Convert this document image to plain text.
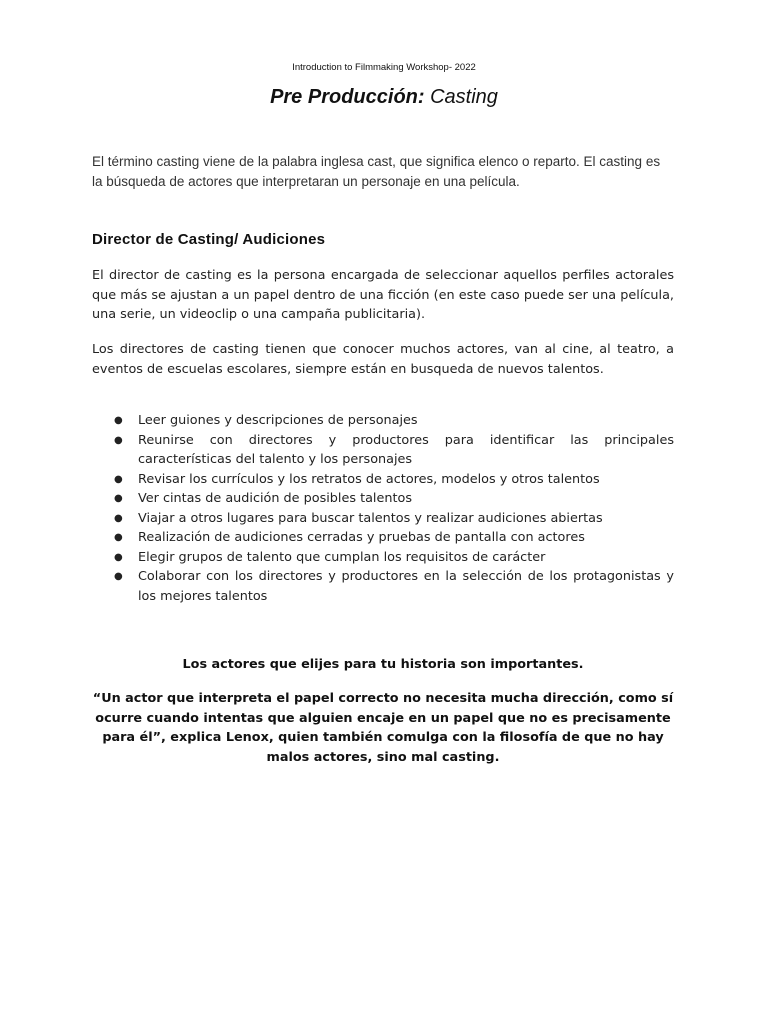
Introduction to Filmmaking Workshop- 2022
Pre Producción: Casting
El término casting viene de la palabra inglesa cast, que significa elenco o reparto. El casting es la búsqueda de actores que interpretaran un personaje en una película.
Director de Casting/ Audiciones
El director de casting es la persona encargada de seleccionar aquellos perfiles actorales que más se ajustan a un papel dentro de una ficción (en este caso puede ser una película, una serie, un videoclip o una campaña publicitaria).
Los directores de casting tienen que conocer muchos actores, van al cine, al teatro, a eventos de escuelas escolares, siempre están en busqueda de nuevos talentos.
● Leer guiones y descripciones de personajes
● Reunirse con directores y productores para identificar las principales características del talento y los personajes
● Revisar los currículos y los retratos de actores, modelos y otros talentos
● Ver cintas de audición de posibles talentos
● Viajar a otros lugares para buscar talentos y realizar audiciones abiertas
● Realización de audiciones cerradas y pruebas de pantalla con actores
● Elegir grupos de talento que cumplan los requisitos de carácter
● Colaborar con los directores y productores en la selección de los protagonistas y los mejores talentos
Los actores que elijes para tu historia son importantes.
“Un actor que interpreta el papel correcto no necesita mucha dirección, como sí ocurre cuando intentas que alguien encaje en un papel que no es precisamente para él”, explica Lenox, quien también comulga con la filosofía de que no hay malos actores, sino mal casting.
